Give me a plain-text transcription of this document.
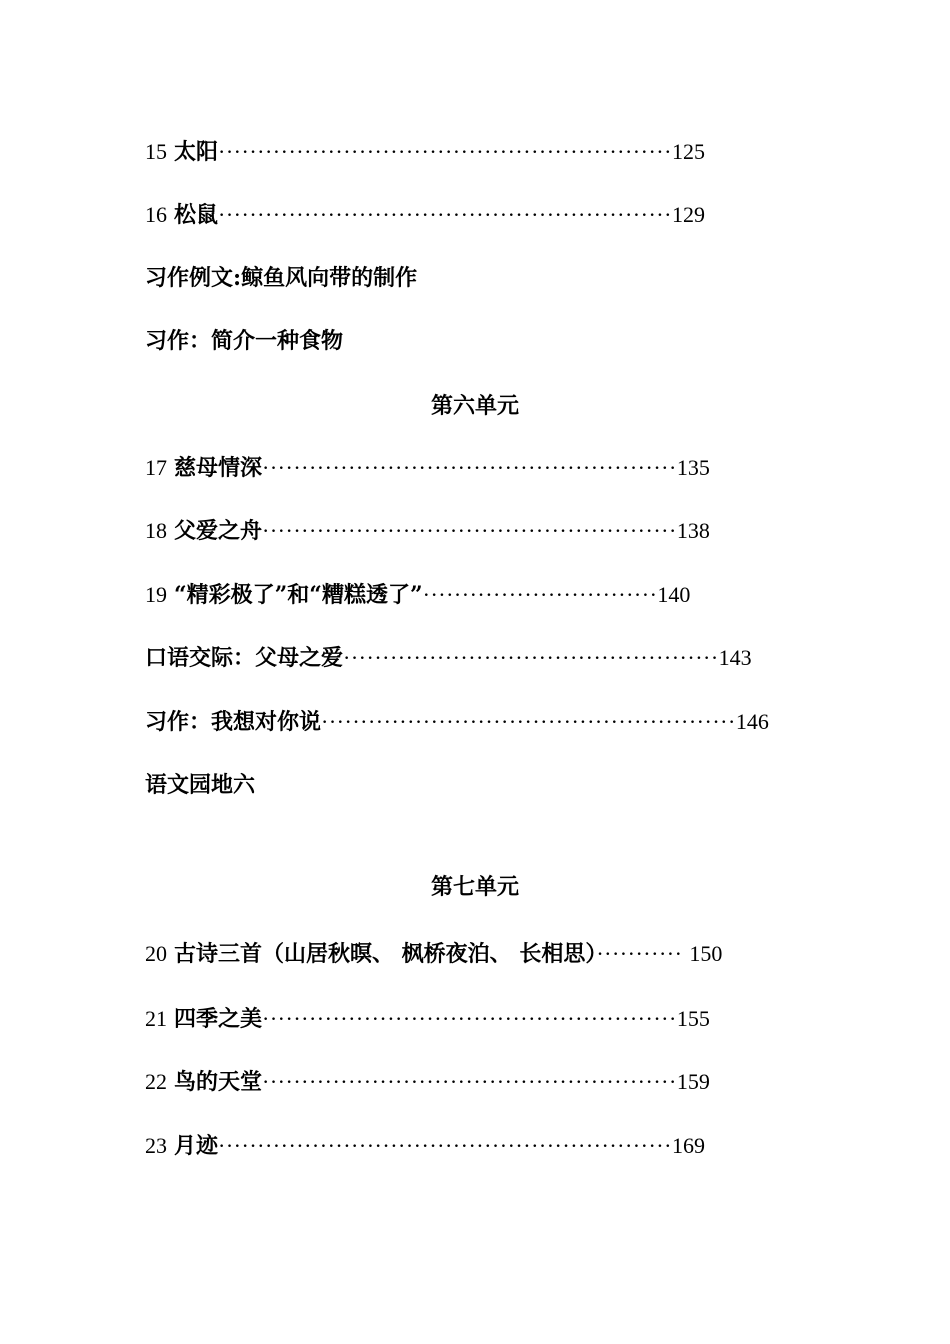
15 太阳··························································125
16 松鼠··························································129
习作例文:鲸鱼风向带的制作
习作：简介一种食物
第六单元
17 慈母情深·····················································135
18 父爱之舟·····················································138
19 “精彩极了”和“糟糕透了”······························140
口语交际：父母之爱················································143
习作：我想对你说·····················································146
语文园地六
第七单元
20 古诗三首（山居秋暝、 枫桥夜泊、 长相思）··········· 150
21 四季之美·····················································155
22 鸟的天堂·····················································159
23 月迹··························································169
